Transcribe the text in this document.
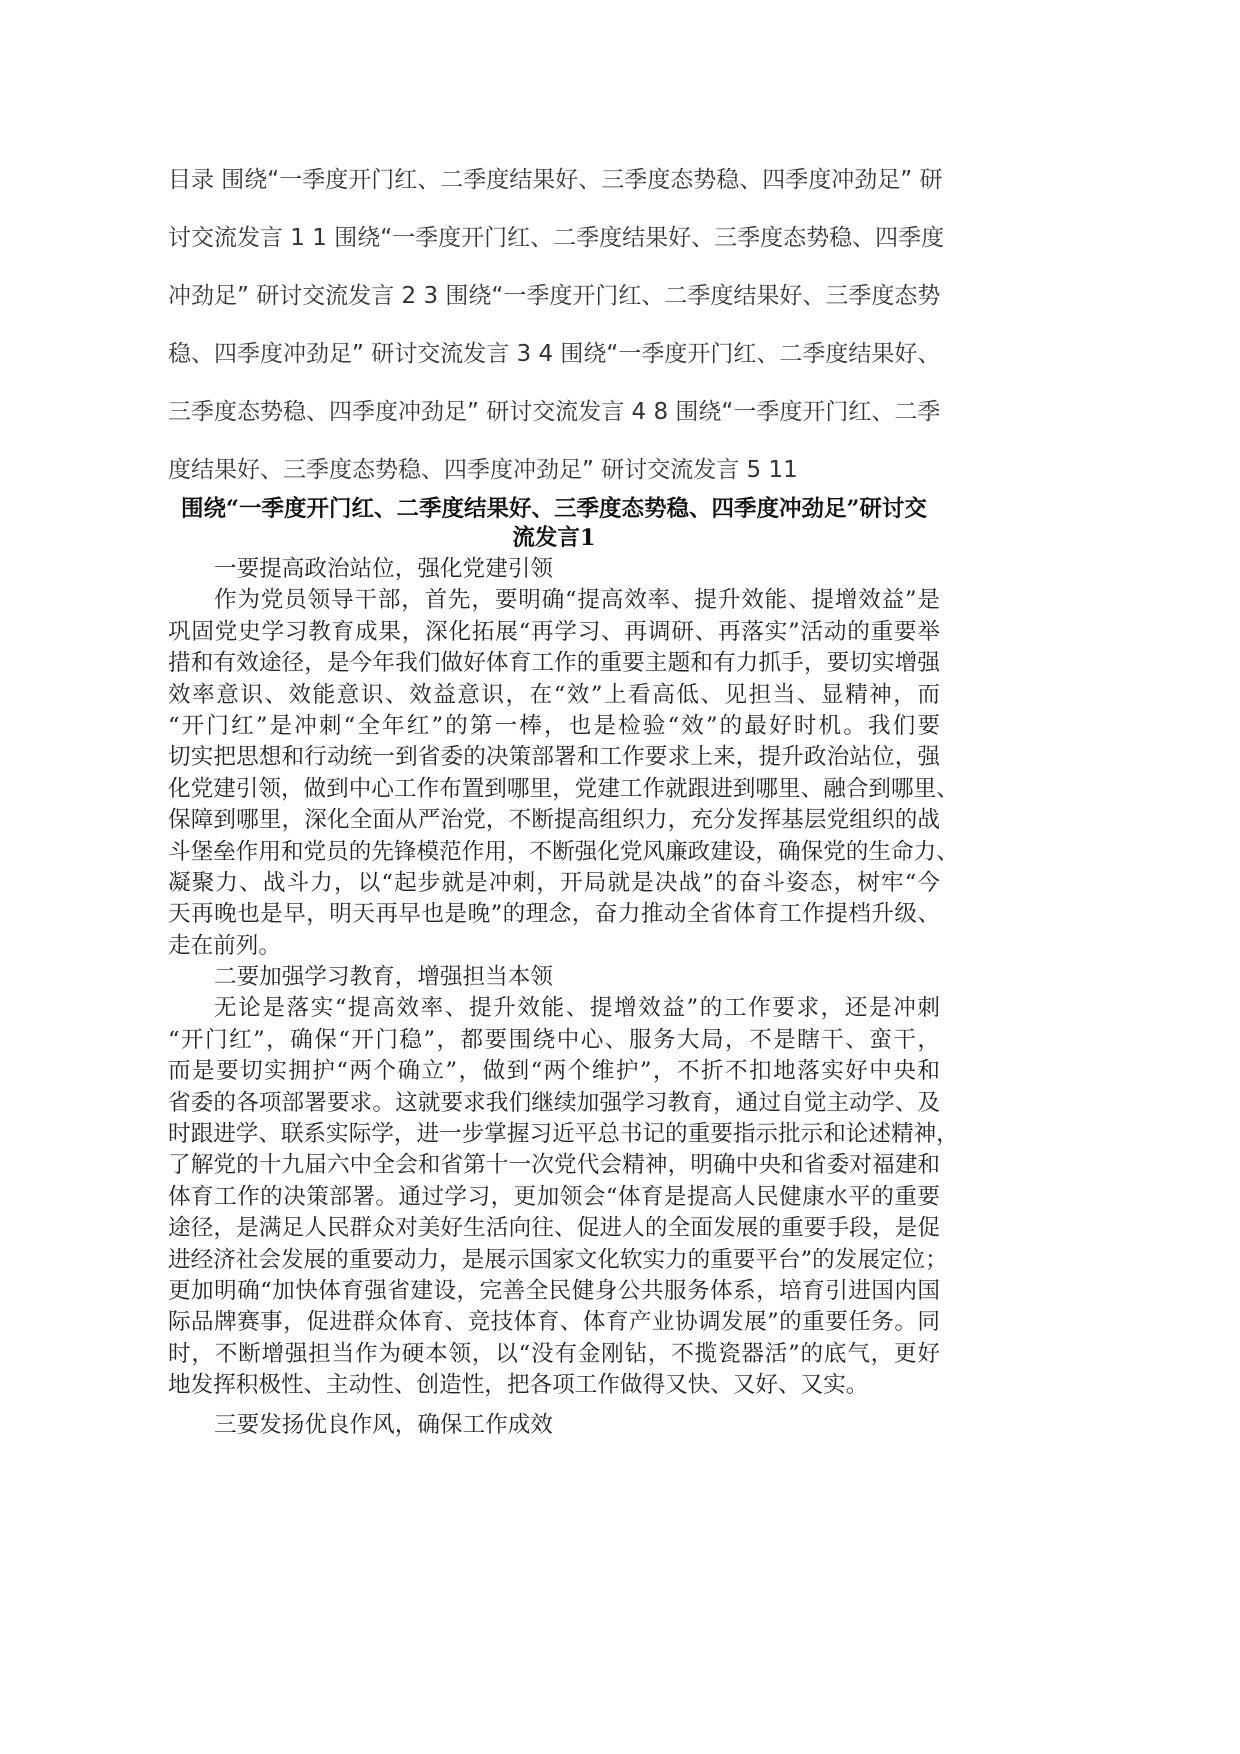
目录 围绕“一季度开门红、二季度结果好、三季度态势稳、四季度冲劲足” 研
讨交流发言 1 1 围绕“一季度开门红、二季度结果好、三季度态势稳、四季度
冲劲足” 研讨交流发言 2 3 围绕“一季度开门红、二季度结果好、三季度态势
稳、四季度冲劲足” 研讨交流发言 3 4 围绕“一季度开门红、二季度结果好、
三季度态势稳、四季度冲劲足” 研讨交流发言 4 8 围绕“一季度开门红、二季
度结果好、三季度态势稳、四季度冲劲足” 研讨交流发言 5 11
围绕“一季度开门红、二季度结果好、三季度态势稳、四季度冲劲足”研讨交
流发言1
一要提高政治站位，强化党建引领
作为党员领导干部，首先，要明确“提高效率、提升效能、提增效益”是
巩固党史学习教育成果，深化拓展“再学习、再调研、再落实”活动的重要举
措和有效途径，是今年我们做好体育工作的重要主题和有力抓手，要切实增强
效率意识、效能意识、效益意识，在“效”上看高低、见担当、显精神，而
“开门红”是冲刺“全年红”的第一棒，也是检验“效”的最好时机。我们要
切实把思想和行动统一到省委的决策部署和工作要求上来，提升政治站位，强
化党建引领，做到中心工作布置到哪里，党建工作就跟进到哪里、融合到哪里、
保障到哪里，深化全面从严治党，不断提高组织力，充分发挥基层党组织的战
斗堡垒作用和党员的先锋模范作用，不断强化党风廉政建设，确保党的生命力、
凝聚力、战斗力，以“起步就是冲刺，开局就是决战”的奋斗姿态，树牢“今
天再晚也是早，明天再早也是晚”的理念，奋力推动全省体育工作提档升级、
走在前列。
二要加强学习教育，增强担当本领
无论是落实“提高效率、提升效能、提增效益”的工作要求，还是冲刺
“开门红”，确保“开门稳”，都要围绕中心、服务大局，不是瞎干、蛮干，
而是要切实拥护“两个确立”，做到“两个维护”，不折不扣地落实好中央和
省委的各项部署要求。这就要求我们继续加强学习教育，通过自觉主动学、及
时跟进学、联系实际学，进一步掌握习近平总书记的重要指示批示和论述精神，
了解党的十九届六中全会和省第十一次党代会精神，明确中央和省委对福建和
体育工作的决策部署。通过学习，更加领会“体育是提高人民健康水平的重要
途径，是满足人民群众对美好生活向往、促进人的全面发展的重要手段，是促
进经济社会发展的重要动力，是展示国家文化软实力的重要平台”的发展定位；
更加明确“加快体育强省建设，完善全民健身公共服务体系，培育引进国内国
际品牌赛事，促进群众体育、竞技体育、体育产业协调发展”的重要任务。同
时，不断增强担当作为硬本领，以“没有金刚钻，不揽瓷器活”的底气，更好
地发挥积极性、主动性、创造性，把各项工作做得又快、又好、又实。
三要发扬优良作风，确保工作成效
